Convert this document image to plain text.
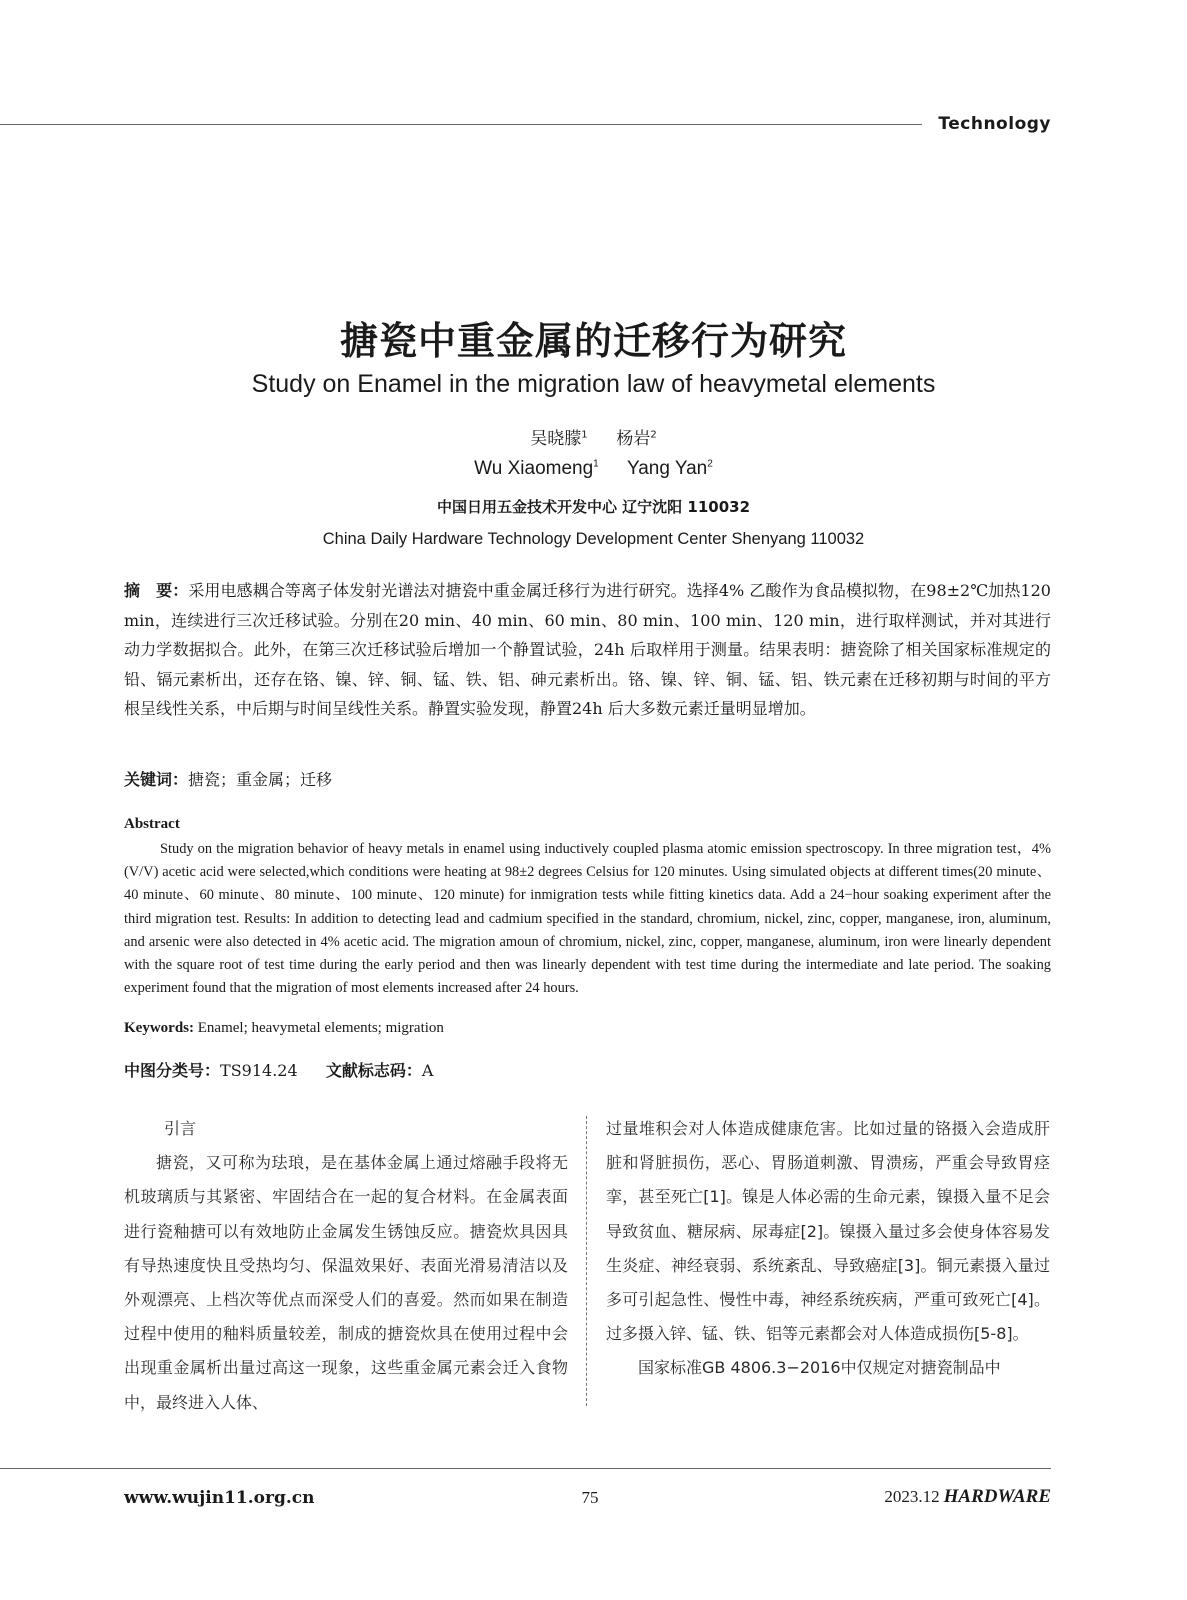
Technology
搪瓷中重金属的迁移行为研究
Study on Enamel in the migration law of heavymetal elements
吴晓朦$^1$ 杨岩$^2$
Wu Xiaomeng$^1$ Yang Yan$^2$
中国日用五金技术开发中心 辽宁沈阳 110032
China Daily Hardware Technology Development Center Shenyang 110032
摘　要：采用电感耦合等离子体发射光谱法对搪瓷中重金属迁移行为进行研究。选择4% 乙酸作为食品模拟物，在98±2℃加热120 min，连续进行三次迁移试验。分别在20 min、40 min、60 min、80 min、100 min、120 min，进行取样测试，并对其进行动力学数据拟合。此外，在第三次迁移试验后增加一个静置试验，24h 后取样用于测量。结果表明：搪瓷除了相关国家标准规定的铅、镉元素析出，还存在铬、镍、锌、铜、锰、铁、铝、砷元素析出。铬、镍、锌、铜、锰、铝、铁元素在迁移初期与时间的平方根呈线性关系，中后期与时间呈线性关系。静置实验发现，静置24h 后大多数元素迁量明显增加。
关键词：搪瓷；重金属；迁移
Abstract
Study on the migration behavior of heavy metals in enamel using inductively coupled plasma atomic emission spectroscopy. In three migration test，4% (V/V) acetic acid were selected,which conditions were heating at 98±2 degrees Celsius for 120 minutes. Using simulated objects at different times(20 minute、40 minute、60 minute、80 minute、100 minute、120 minute) for inmigration tests while fitting kinetics data. Add a 24−hour soaking experiment after the third migration test. Results: In addition to detecting lead and cadmium specified in the standard, chromium, nickel, zinc, copper, manganese, iron, aluminum, and arsenic were also detected in 4% acetic acid. The migration amoun of chromium, nickel, zinc, copper, manganese, aluminum, iron were linearly dependent with the square root of test time during the early period and then was linearly dependent with test time during the intermediate and late period. The soaking experiment found that the migration of most elements increased after 24 hours.
Keywords: Enamel; heavymetal elements; migration
中图分类号：TS914.24 文献标志码：A

引言

搪瓷，又可称为珐琅，是在基体金属上通过熔融手段将无机玻璃质与其紧密、牢固结合在一起的复合材料。在金属表面进行瓷釉搪可以有效地防止金属发生锈蚀反应。搪瓷炊具因具有导热速度快且受热均匀、保温效果好、表面光滑易清洁以及外观漂亮、上档次等优点而深受人们的喜爱。然而如果在制造过程中使用的釉料质量较差，制成的搪瓷炊具在使用过程中会出现重金属析出量过高这一现象，这些重金属元素会迁入食物中，最终进入人体、

过量堆积会对人体造成健康危害。比如过量的铬摄入会造成肝脏和肾脏损伤，恶心、胃肠道刺激、胃溃疡，严重会导致胃痉挛，甚至死亡[1]。镍是人体必需的生命元素，镍摄入量不足会导致贫血、糖尿病、尿毒症[2]。镍摄入量过多会使身体容易发生炎症、神经衰弱、系统紊乱、导致癌症[3]。铜元素摄入量过多可引起急性、慢性中毒，神经系统疾病，严重可致死亡[4]。过多摄入锌、锰、铁、铝等元素都会对人体造成损伤[5-8]。

国家标准GB 4806.3−2016中仅规定对搪瓷制品中

www.wujin11.org.cn	75	2023.12 HARDWARE
